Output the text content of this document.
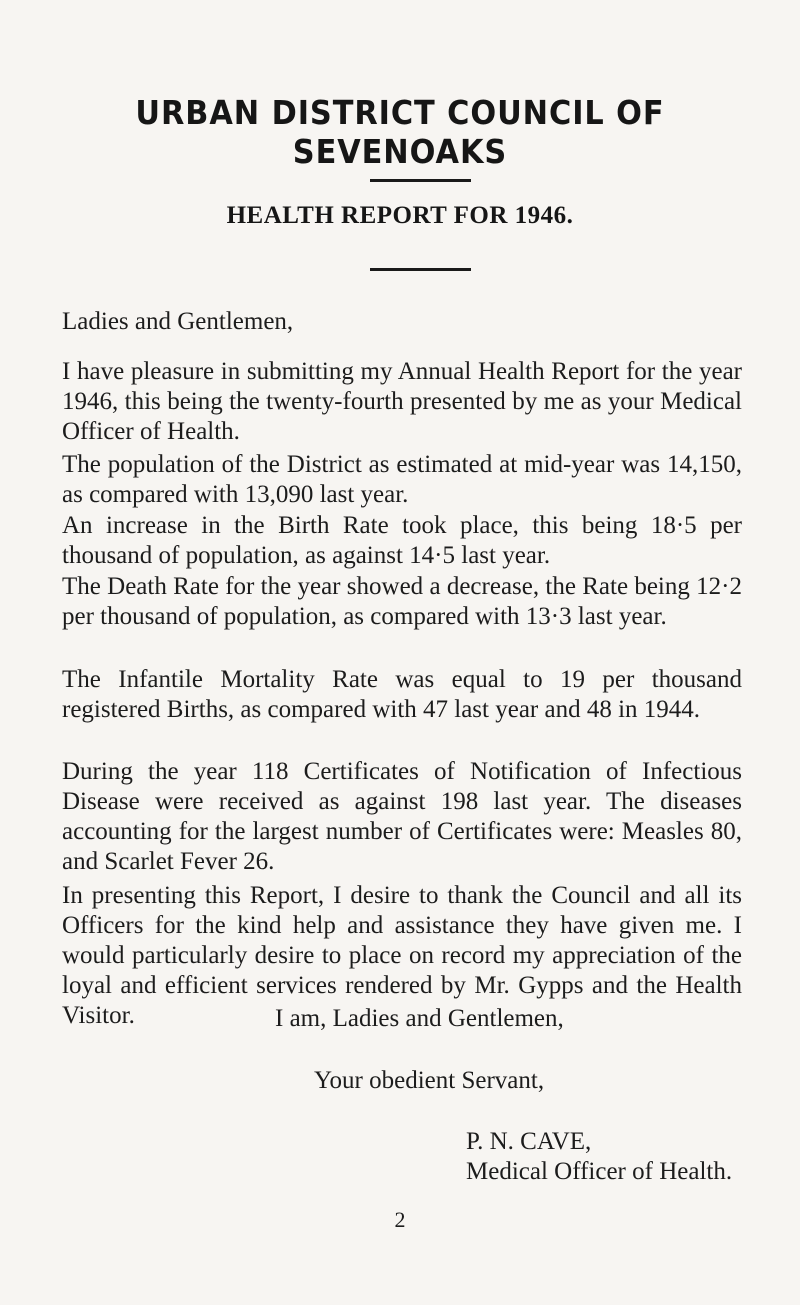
URBAN DISTRICT COUNCIL OF SEVENOAKS
HEALTH REPORT FOR 1946.
Ladies and Gentlemen,

I have pleasure in submitting my Annual Health Report for the year 1946, this being the twenty-fourth presented by me as your Medical Officer of Health.

The population of the District as estimated at mid-year was 14,150, as compared with 13,090 last year.

An increase in the Birth Rate took place, this being 18·5 per thousand of population, as against 14·5 last year.

The Death Rate for the year showed a decrease, the Rate being 12·2 per thousand of population, as compared with 13·3 last year.

The Infantile Mortality Rate was equal to 19 per thousand registered Births, as compared with 47 last year and 48 in 1944.

During the year 118 Certificates of Notification of Infectious Disease were received as against 198 last year. The diseases accounting for the largest number of Certificates were: Measles 80, and Scarlet Fever 26.

In presenting this Report, I desire to thank the Council and all its Officers for the kind help and assistance they have given me. I would particularly desire to place on record my appreciation of the loyal and efficient services rendered by Mr. Gypps and the Health Visitor.	I am, Ladies and Gentlemen,
Your obedient Servant,
P. N. CAVE,
Medical Officer of Health.
2
